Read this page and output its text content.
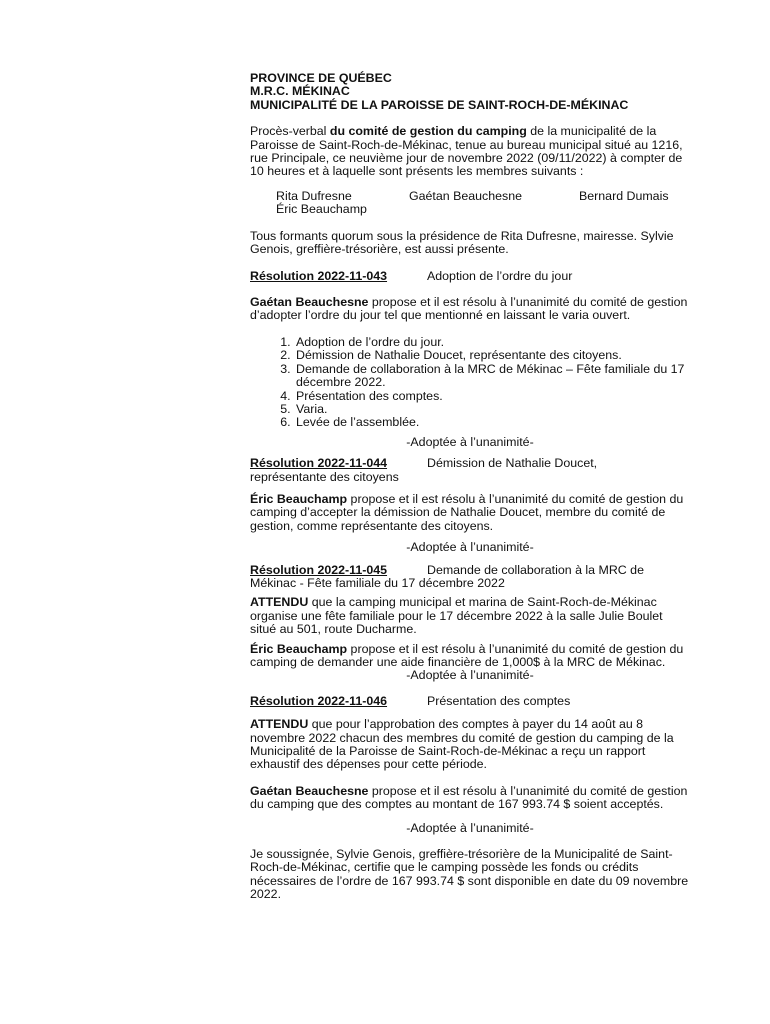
PROVINCE DE QUÉBEC
M.R.C. MÉKINAC
MUNICIPALITÉ DE LA PAROISSE DE SAINT-ROCH-DE-MÉKINAC

Procès-verbal du comité de gestion du camping de la municipalité de la Paroisse de Saint-Roch-de-Mékinac, tenue au bureau municipal situé au 1216, rue Principale, ce neuvième jour de novembre 2022 (09/11/2022) à compter de 10 heures et à laquelle sont présents les membres suivants :

Rita Dufresne	Gaétan Beauchesne	Bernard Dumais
Éric Beauchamp

Tous formants quorum sous la présidence de Rita Dufresne, mairesse. Sylvie Genois, greffière-trésorière, est aussi présente.

Résolution 2022-11-043	Adoption de l’ordre du jour

Gaétan Beauchesne propose et il est résolu à l’unanimité du comité de gestion d’adopter l’ordre du jour tel que mentionné en laissant le varia ouvert.

1. Adoption de l’ordre du jour.
2. Démission de Nathalie Doucet, représentante des citoyens.
3. Demande de collaboration à la MRC de Mékinac – Fête familiale du 17 décembre 2022.
4. Présentation des comptes.
5. Varia.
6. Levée de l’assemblée.

-Adoptée à l’unanimité-

Résolution 2022-11-044	Démission de Nathalie Doucet,

représentante des citoyens

Éric Beauchamp propose et il est résolu à l’unanimité du comité de gestion du camping d’accepter la démission de Nathalie Doucet, membre du comité de gestion, comme représentante des citoyens.

-Adoptée à l’unanimité-

Résolution 2022-11-045	Demande de collaboration à la MRC de

Mékinac - Fête familiale du 17 décembre 2022

ATTENDU que la camping municipal et marina de Saint-Roch-de-Mékinac organise une fête familiale pour le 17 décembre 2022 à la salle Julie Boulet situé au 501, route Ducharme.

Éric Beauchamp propose et il est résolu à l’unanimité du comité de gestion du camping de demander une aide financière de 1,000$ à la MRC de Mékinac.

-Adoptée à l’unanimité-

Résolution 2022-11-046	Présentation des comptes

ATTENDU que pour l’approbation des comptes à payer du 14 août au 8 novembre 2022 chacun des membres du comité de gestion du camping de la Municipalité de la Paroisse de Saint-Roch-de-Mékinac a reçu un rapport exhaustif des dépenses pour cette période.

Gaétan Beauchesne propose et il est résolu à l’unanimité du comité de gestion du camping que des comptes au montant de 167 993.74 $ soient acceptés.

-Adoptée à l’unanimité-

Je soussignée, Sylvie Genois, greffière-trésorière de la Municipalité de Saint-Roch-de-Mékinac, certifie que le camping possède les fonds ou crédits nécessaires de l’ordre de 167 993.74 $ sont disponible en date du 09 novembre 2022.
